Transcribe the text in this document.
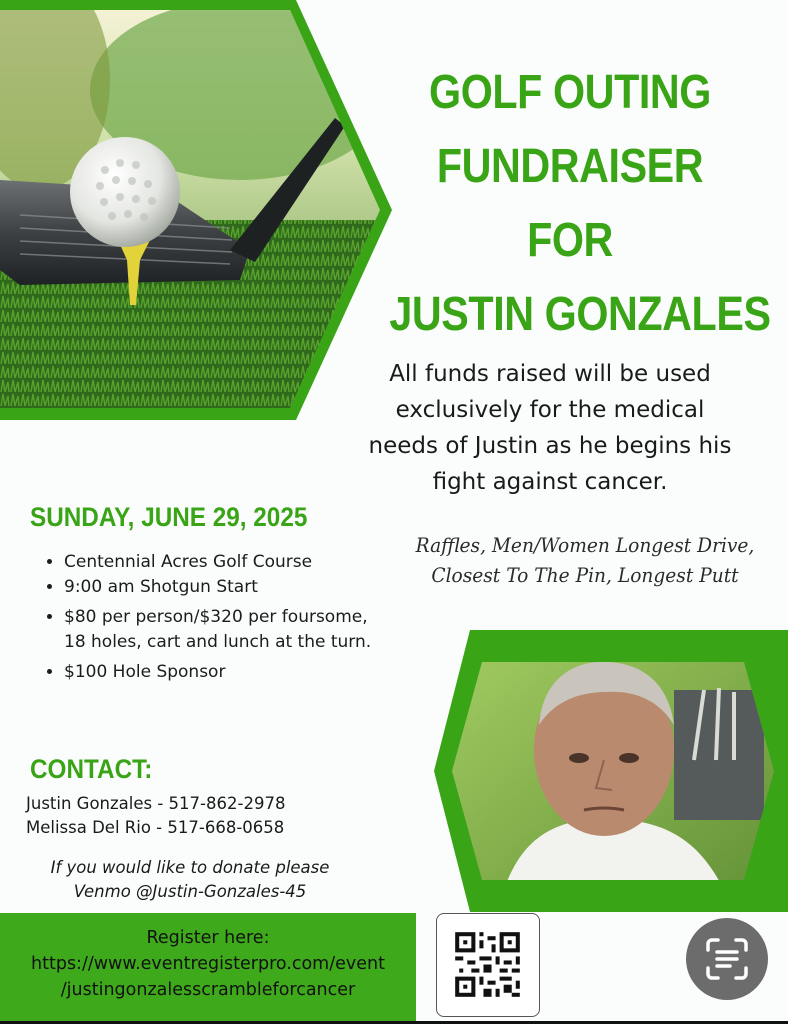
GOLF OUTING
FUNDRAISER
FOR
JUSTIN GONZALES
All funds raised will be used
exclusively for the medical
needs of Justin as he begins his
fight against cancer.
Raffles, Men/Women Longest Drive,
Closest To The Pin, Longest Putt
SUNDAY, JUNE 29, 2025
• Centennial Acres Golf Course
• 9:00 am Shotgun Start
• $80 per person/$320 per foursome, 18 holes, cart and lunch at the turn.
• $100 Hole Sponsor
CONTACT:
Justin Gonzales - 517-862-2978
Melissa Del Rio - 517-668-0658
If you would like to donate please
Venmo @Justin-Gonzales-45
Register here:
https://www.eventregisterpro.com/event
/justingonzalesscrambleforcancer
